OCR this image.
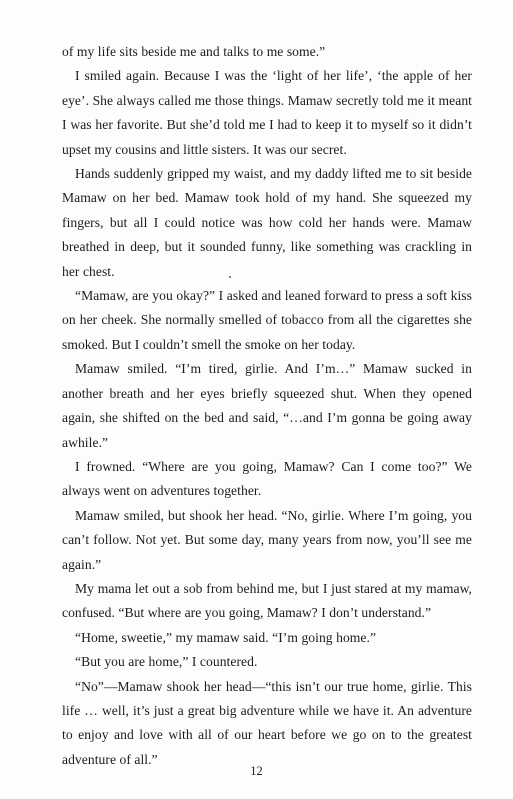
of my life sits beside me and talks to me some.”

I smiled again. Because I was the ‘light of her life’, ‘the apple of her eye’. She always called me those things. Mamaw secretly told me it meant I was her favorite. But she’d told me I had to keep it to myself so it didn’t upset my cousins and little sisters. It was our secret.

Hands suddenly gripped my waist, and my daddy lifted me to sit beside Mamaw on her bed. Mamaw took hold of my hand. She squeezed my fingers, but all I could notice was how cold her hands were. Mamaw breathed in deep, but it sounded funny, like something was crackling in her chest.

“Mamaw, are you okay?” I asked and leaned forward to press a soft kiss on her cheek. She normally smelled of tobacco from all the cigarettes she smoked. But I couldn’t smell the smoke on her today.

Mamaw smiled. “I’m tired, girlie. And I’m…” Mamaw sucked in another breath and her eyes briefly squeezed shut. When they opened again, she shifted on the bed and said, “…and I’m gonna be going away awhile.”

I frowned. “Where are you going, Mamaw? Can I come too?” We always went on adventures together.

Mamaw smiled, but shook her head. “No, girlie. Where I’m going, you can’t follow. Not yet. But some day, many years from now, you’ll see me again.”

My mama let out a sob from behind me, but I just stared at my mamaw, confused. “But where are you going, Mamaw? I don’t understand.”

“Home, sweetie,” my mamaw said. “I’m going home.”

“But you are home,” I countered.

“No”—Mamaw shook her head—“this isn’t our true home, girlie. This life … well, it’s just a great big adventure while we have it. An adventure to enjoy and love with all of our heart before we go on to the greatest adventure of all.”

12
